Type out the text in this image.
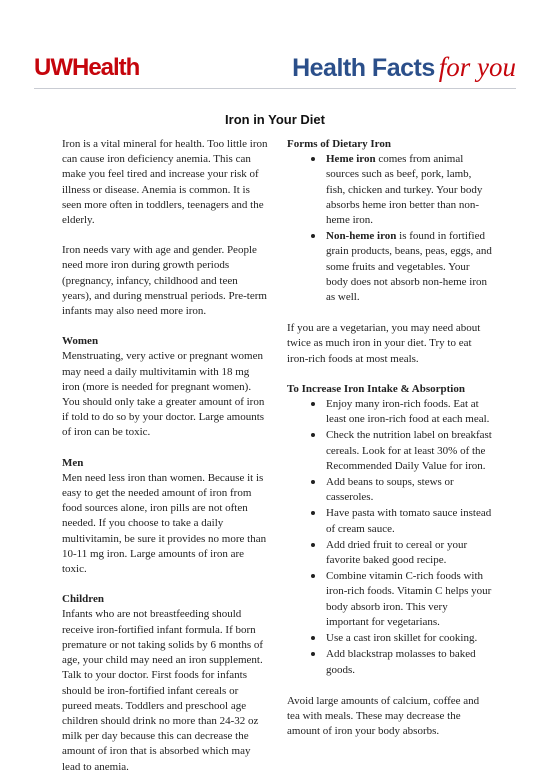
UWHealth	Health Facts for you
Iron in Your Diet

Iron is a vital mineral for health. Too little iron can cause iron deficiency anemia. This can make you feel tired and increase your risk of illness or disease. Anemia is common. It is seen more often in toddlers, teenagers and the elderly.

Iron needs vary with age and gender. People need more iron during growth periods (pregnancy, infancy, childhood and teen years), and during menstrual periods. Pre-term infants may also need more iron.

Women

Menstruating, very active or pregnant women may need a daily multivitamin with 18 mg iron (more is needed for pregnant women). You should only take a greater amount of iron if told to do so by your doctor. Large amounts of iron can be toxic.

Men

Men need less iron than women. Because it is easy to get the needed amount of iron from food sources alone, iron pills are not often needed. If you choose to take a daily multivitamin, be sure it provides no more than 10-11 mg iron. Large amounts of iron are toxic.

Children

Infants who are not breastfeeding should receive iron-fortified infant formula. If born premature or not taking solids by 6 months of age, your child may need an iron supplement. Talk to your doctor. First foods for infants should be iron-fortified infant cereals or pureed meats. Toddlers and preschool age children should drink no more than 24-32 oz milk per day because this can decrease the amount of iron that is absorbed which may lead to anemia.

Forms of Dietary Iron

Heme iron comes from animal sources such as beef, pork, lamb, fish, chicken and turkey. Your body absorbs heme iron better than non-heme iron.
Non-heme iron is found in fortified grain products, beans, peas, eggs, and some fruits and vegetables. Your body does not absorb non-heme iron as well.

If you are a vegetarian, you may need about twice as much iron in your diet. Try to eat iron-rich foods at most meals.

To Increase Iron Intake & Absorption

Enjoy many iron-rich foods. Eat at least one iron-rich food at each meal.
Check the nutrition label on breakfast cereals. Look for at least 30% of the Recommended Daily Value for iron.
Add beans to soups, stews or casseroles.
Have pasta with tomato sauce instead of cream sauce.
Add dried fruit to cereal or your favorite baked good recipe.
Combine vitamin C-rich foods with iron-rich foods. Vitamin C helps your body absorb iron. This very important for vegetarians.
Use a cast iron skillet for cooking.
Add blackstrap molasses to baked goods.

Avoid large amounts of calcium, coffee and tea with meals. These may decrease the amount of iron your body absorbs.
